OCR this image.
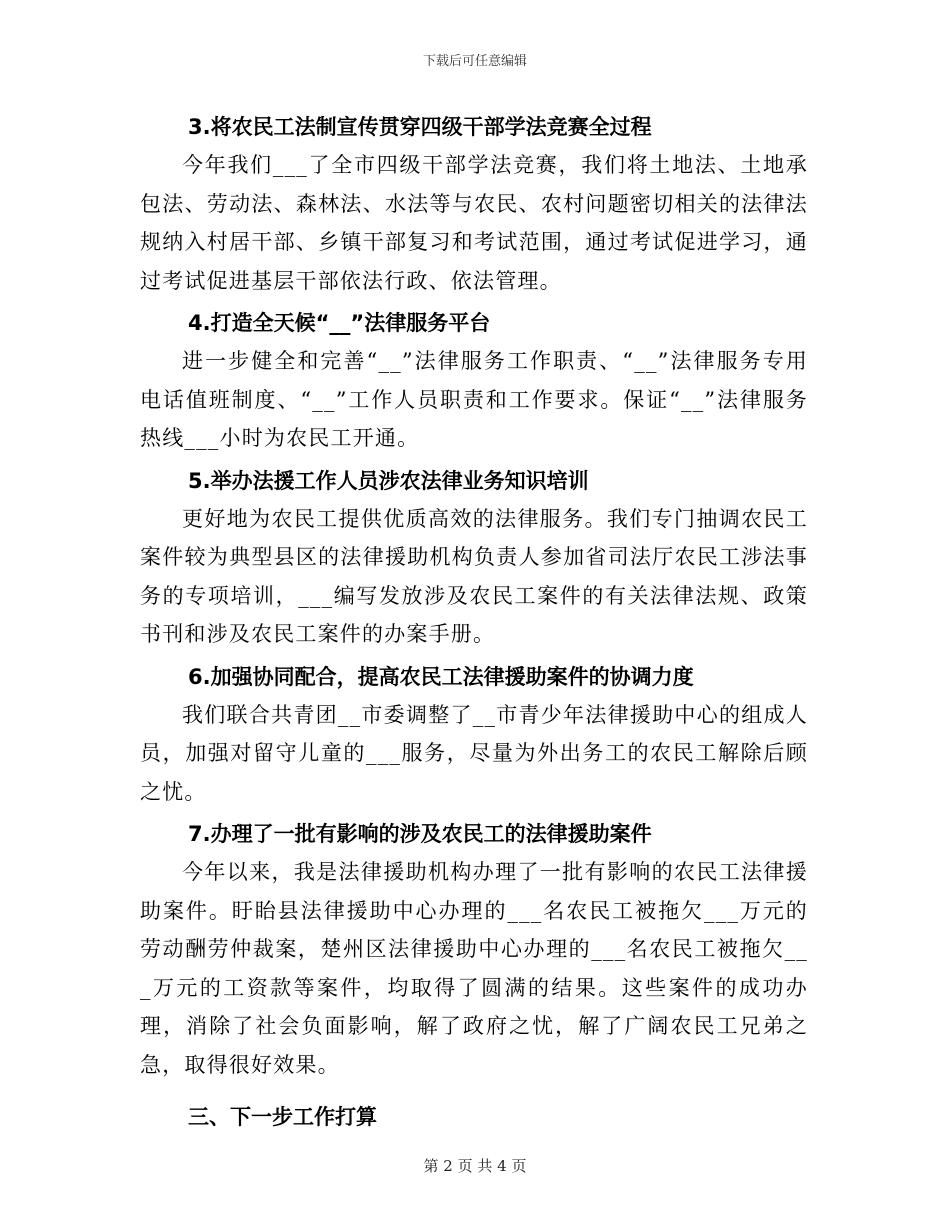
下载后可任意编辑

3.将农民工法制宣传贯穿四级干部学法竞赛全过程

今年我们___了全市四级干部学法竞赛，我们将土地法、土地承包法、劳动法、森林法、水法等与农民、农村问题密切相关的法律法规纳入村居干部、乡镇干部复习和考试范围，通过考试促进学习，通过考试促进基层干部依法行政、依法管理。

4.打造全天候“__”法律服务平台

进一步健全和完善“__”法律服务工作职责、“__”法律服务专用电话值班制度、“__”工作人员职责和工作要求。保证“__”法律服务热线___小时为农民工开通。

5.举办法援工作人员涉农法律业务知识培训

更好地为农民工提供优质高效的法律服务。我们专门抽调农民工案件较为典型县区的法律援助机构负责人参加省司法厅农民工涉法事务的专项培训，___编写发放涉及农民工案件的有关法律法规、政策书刊和涉及农民工案件的办案手册。

6.加强协同配合，提高农民工法律援助案件的协调力度

我们联合共青团__市委调整了__市青少年法律援助中心的组成人员，加强对留守儿童的___服务，尽量为外出务工的农民工解除后顾之忧。

7.办理了一批有影响的涉及农民工的法律援助案件

今年以来，我是法律援助机构办理了一批有影响的农民工法律援助案件。盱眙县法律援助中心办理的___名农民工被拖欠___万元的劳动酬劳仲裁案，楚州区法律援助中心办理的___名农民工被拖欠___万元的工资款等案件，均取得了圆满的结果。这些案件的成功办理，消除了社会负面影响，解了政府之忧，解了广阔农民工兄弟之急，取得很好效果。

三、下一步工作打算
第 2 页 共 4 页
